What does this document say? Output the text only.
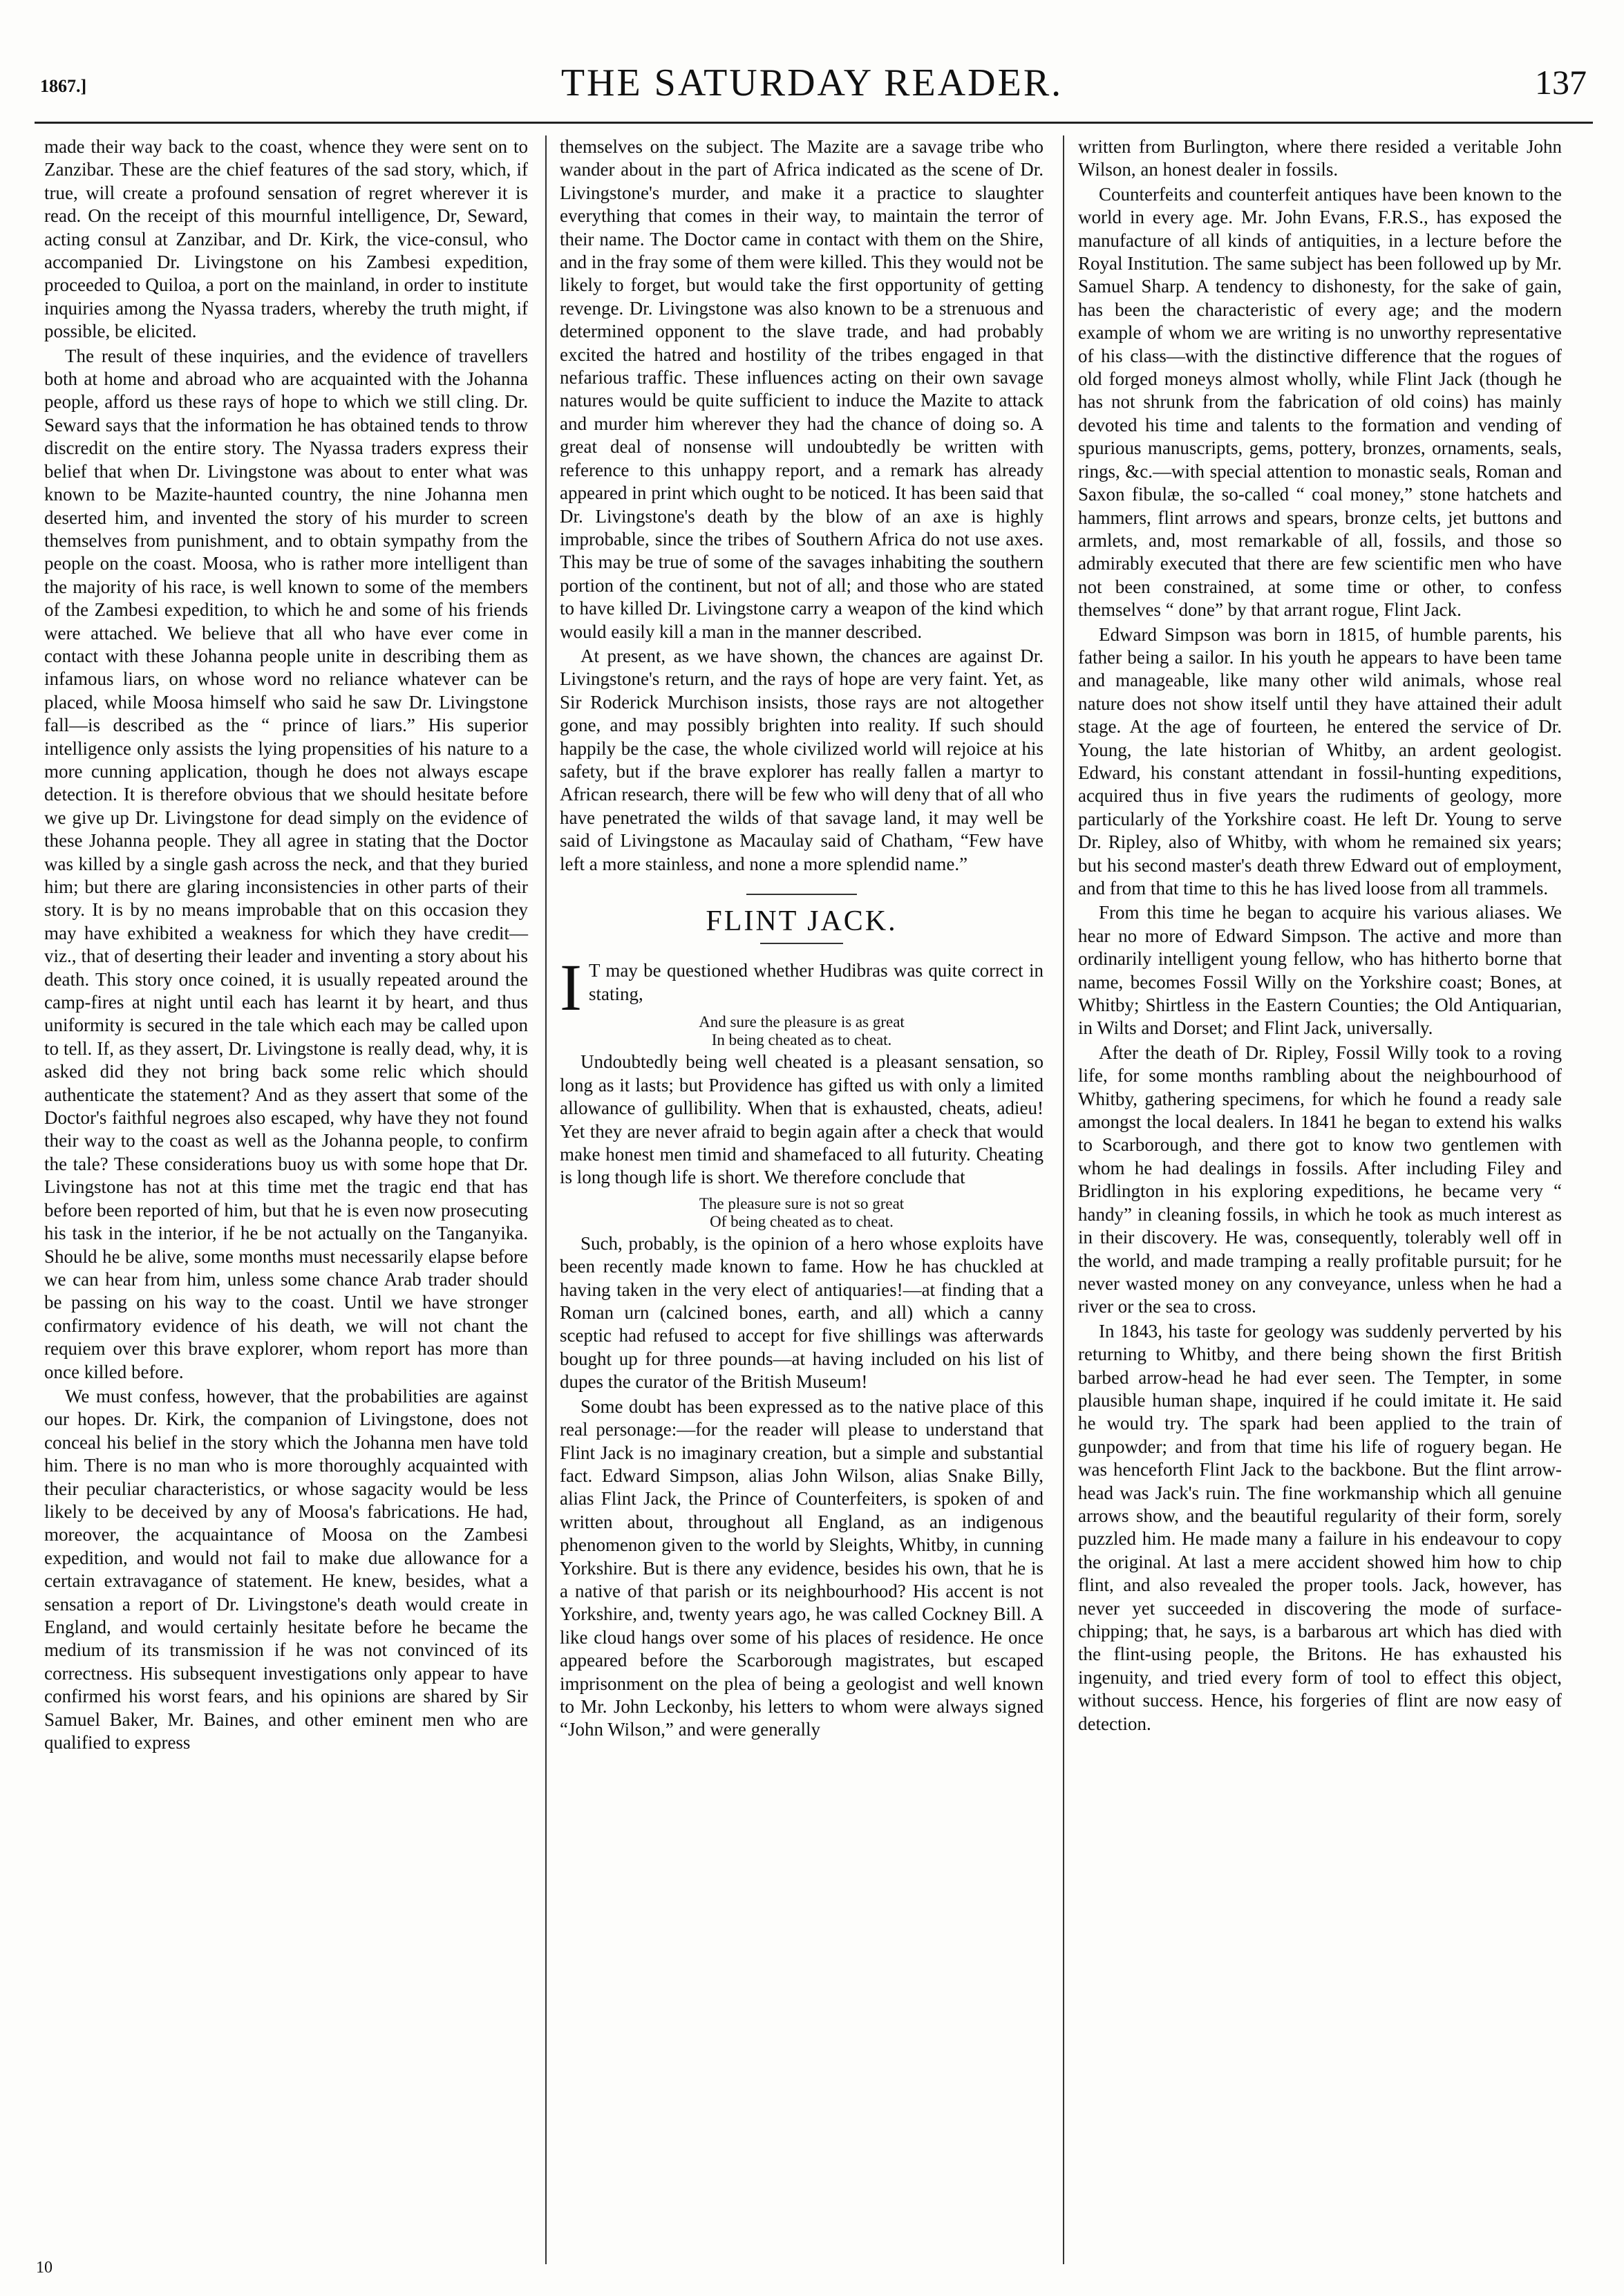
1867.]	THE SATURDAY READER.	137

made their way back to the coast, whence they were sent on to Zanzibar. These are the chief features of the sad story, which, if true, will create a profound sensation of regret wherever it is read. On the receipt of this mournful intelligence, Dr, Seward, acting consul at Zanzibar, and Dr. Kirk, the vice-consul, who accompanied Dr. Livingstone on his Zambesi expedition, proceeded to Quiloa, a port on the mainland, in order to institute inquiries among the Nyassa traders, whereby the truth might, if possible, be elicited.

The result of these inquiries, and the evidence of travellers both at home and abroad who are acquainted with the Johanna people, afford us these rays of hope to which we still cling. Dr. Seward says that the information he has obtained tends to throw discredit on the entire story. The Nyassa traders express their belief that when Dr. Livingstone was about to enter what was known to be Mazite-haunted country, the nine Johanna men deserted him, and invented the story of his murder to screen themselves from punishment, and to obtain sympathy from the people on the coast. Moosa, who is rather more intelligent than the majority of his race, is well known to some of the members of the Zambesi expedition, to which he and some of his friends were attached. We believe that all who have ever come in contact with these Johanna people unite in describing them as infamous liars, on whose word no reliance whatever can be placed, while Moosa himself who said he saw Dr. Livingstone fall—is described as the “ prince of liars.” His superior intelligence only assists the lying propensities of his nature to a more cunning application, though he does not always escape detection. It is therefore obvious that we should hesitate before we give up Dr. Livingstone for dead simply on the evidence of these Johanna people. They all agree in stating that the Doctor was killed by a single gash across the neck, and that they buried him; but there are glaring inconsistencies in other parts of their story. It is by no means improbable that on this occasion they may have exhibited a weakness for which they have credit—viz., that of deserting their leader and inventing a story about his death. This story once coined, it is usually repeated around the camp-fires at night until each has learnt it by heart, and thus uniformity is secured in the tale which each may be called upon to tell. If, as they assert, Dr. Livingstone is really dead, why, it is asked did they not bring back some relic which should authenticate the statement? And as they assert that some of the Doctor's faithful negroes also escaped, why have they not found their way to the coast as well as the Johanna people, to confirm the tale? These considerations buoy us with some hope that Dr. Livingstone has not at this time met the tragic end that has before been reported of him, but that he is even now prosecuting his task in the interior, if he be not actually on the Tanganyika. Should he be alive, some months must necessarily elapse before we can hear from him, unless some chance Arab trader should be passing on his way to the coast. Until we have stronger confirmatory evidence of his death, we will not chant the requiem over this brave explorer, whom report has more than once killed before.

We must confess, however, that the probabilities are against our hopes. Dr. Kirk, the companion of Livingstone, does not conceal his belief in the story which the Johanna men have told him. There is no man who is more thoroughly acquainted with their peculiar characteristics, or whose sagacity would be less likely to be deceived by any of Moosa's fabrications. He had, moreover, the acquaintance of Moosa on the Zambesi expedition, and would not fail to make due allowance for a certain extravagance of statement. He knew, besides, what a sensation a report of Dr. Livingstone's death would create in England, and would certainly hesitate before he became the medium of its transmission if he was not convinced of its correctness. His subsequent investigations only appear to have confirmed his worst fears, and his opinions are shared by Sir Samuel Baker, Mr. Baines, and other eminent men who are qualified to express

themselves on the subject. The Mazite are a savage tribe who wander about in the part of Africa indicated as the scene of Dr. Livingstone's murder, and make it a practice to slaughter everything that comes in their way, to maintain the terror of their name. The Doctor came in contact with them on the Shire, and in the fray some of them were killed. This they would not be likely to forget, but would take the first opportunity of getting revenge. Dr. Livingstone was also known to be a strenuous and determined opponent to the slave trade, and had probably excited the hatred and hostility of the tribes engaged in that nefarious traffic. These influences acting on their own savage natures would be quite sufficient to induce the Mazite to attack and murder him wherever they had the chance of doing so. A great deal of nonsense will undoubtedly be written with reference to this unhappy report, and a remark has already appeared in print which ought to be noticed. It has been said that Dr. Livingstone's death by the blow of an axe is highly improbable, since the tribes of Southern Africa do not use axes. This may be true of some of the savages inhabiting the southern portion of the continent, but not of all; and those who are stated to have killed Dr. Livingstone carry a weapon of the kind which would easily kill a man in the manner described.

At present, as we have shown, the chances are against Dr. Livingstone's return, and the rays of hope are very faint. Yet, as Sir Roderick Murchison insists, those rays are not altogether gone, and may possibly brighten into reality. If such should happily be the case, the whole civilized world will rejoice at his safety, but if the brave explorer has really fallen a martyr to African research, there will be few who will deny that of all who have penetrated the wilds of that savage land, it may well be said of Livingstone as Macaulay said of Chatham, “Few have left a more stainless, and none a more splendid name.”

FLINT JACK.

I T may be questioned whether Hudibras was quite correct in stating,

And sure the pleasure is as great

In being cheated as to cheat.

Undoubtedly being well cheated is a pleasant sensation, so long as it lasts; but Providence has gifted us with only a limited allowance of gullibility. When that is exhausted, cheats, adieu! Yet they are never afraid to begin again after a check that would make honest men timid and shamefaced to all futurity. Cheating is long though life is short. We therefore conclude that

The pleasure sure is not so great

Of being cheated as to cheat.

Such, probably, is the opinion of a hero whose exploits have been recently made known to fame. How he has chuckled at having taken in the very elect of antiquaries!—at finding that a Roman urn (calcined bones, earth, and all) which a canny sceptic had refused to accept for five shillings was afterwards bought up for three pounds—at having included on his list of dupes the curator of the British Museum!

Some doubt has been expressed as to the native place of this real personage:—for the reader will please to understand that Flint Jack is no imaginary creation, but a simple and substantial fact. Edward Simpson, alias John Wilson, alias Snake Billy, alias Flint Jack, the Prince of Counterfeiters, is spoken of and written about, throughout all England, as an indigenous phenomenon given to the world by Sleights, Whitby, in cunning Yorkshire. But is there any evidence, besides his own, that he is a native of that parish or its neighbourhood? His accent is not Yorkshire, and, twenty years ago, he was called Cockney Bill. A like cloud hangs over some of his places of residence. He once appeared before the Scarborough magistrates, but escaped imprisonment on the plea of being a geologist and well known to Mr. John Leckonby, his letters to whom were always signed “John Wilson,” and were generally

written from Burlington, where there resided a veritable John Wilson, an honest dealer in fossils.

Counterfeits and counterfeit antiques have been known to the world in every age. Mr. John Evans, F.R.S., has exposed the manufacture of all kinds of antiquities, in a lecture before the Royal Institution. The same subject has been followed up by Mr. Samuel Sharp. A tendency to dishonesty, for the sake of gain, has been the characteristic of every age; and the modern example of whom we are writing is no unworthy representative of his class—with the distinctive difference that the rogues of old forged moneys almost wholly, while Flint Jack (though he has not shrunk from the fabrication of old coins) has mainly devoted his time and talents to the formation and vending of spurious manuscripts, gems, pottery, bronzes, ornaments, seals, rings, &c.—with special attention to monastic seals, Roman and Saxon fibulæ, the so-called “ coal money,” stone hatchets and hammers, flint arrows and spears, bronze celts, jet buttons and armlets, and, most remarkable of all, fossils, and those so admirably executed that there are few scientific men who have not been constrained, at some time or other, to confess themselves “ done” by that arrant rogue, Flint Jack.

Edward Simpson was born in 1815, of humble parents, his father being a sailor. In his youth he appears to have been tame and manageable, like many other wild animals, whose real nature does not show itself until they have attained their adult stage. At the age of fourteen, he entered the service of Dr. Young, the late historian of Whitby, an ardent geologist. Edward, his constant attendant in fossil-hunting expeditions, acquired thus in five years the rudiments of geology, more particularly of the Yorkshire coast. He left Dr. Young to serve Dr. Ripley, also of Whitby, with whom he remained six years; but his second master's death threw Edward out of employment, and from that time to this he has lived loose from all trammels.

From this time he began to acquire his various aliases. We hear no more of Edward Simpson. The active and more than ordinarily intelligent young fellow, who has hitherto borne that name, becomes Fossil Willy on the Yorkshire coast; Bones, at Whitby; Shirtless in the Eastern Counties; the Old Antiquarian, in Wilts and Dorset; and Flint Jack, universally.

After the death of Dr. Ripley, Fossil Willy took to a roving life, for some months rambling about the neighbourhood of Whitby, gathering specimens, for which he found a ready sale amongst the local dealers. In 1841 he began to extend his walks to Scarborough, and there got to know two gentlemen with whom he had dealings in fossils. After including Filey and Bridlington in his exploring expeditions, he became very “ handy” in cleaning fossils, in which he took as much interest as in their discovery. He was, consequently, tolerably well off in the world, and made tramping a really profitable pursuit; for he never wasted money on any conveyance, unless when he had a river or the sea to cross.

In 1843, his taste for geology was suddenly perverted by his returning to Whitby, and there being shown the first British barbed arrow-head he had ever seen. The Tempter, in some plausible human shape, inquired if he could imitate it. He said he would try. The spark had been applied to the train of gunpowder; and from that time his life of roguery began. He was henceforth Flint Jack to the backbone. But the flint arrow-head was Jack's ruin. The fine workmanship which all genuine arrows show, and the beautiful regularity of their form, sorely puzzled him. He made many a failure in his endeavour to copy the original. At last a mere accident showed him how to chip flint, and also revealed the proper tools. Jack, however, has never yet succeeded in discovering the mode of surface-chipping; that, he says, is a barbarous art which has died with the flint-using people, the Britons. He has exhausted his ingenuity, and tried every form of tool to effect this object, without success. Hence, his forgeries of flint are now easy of detection.

10
